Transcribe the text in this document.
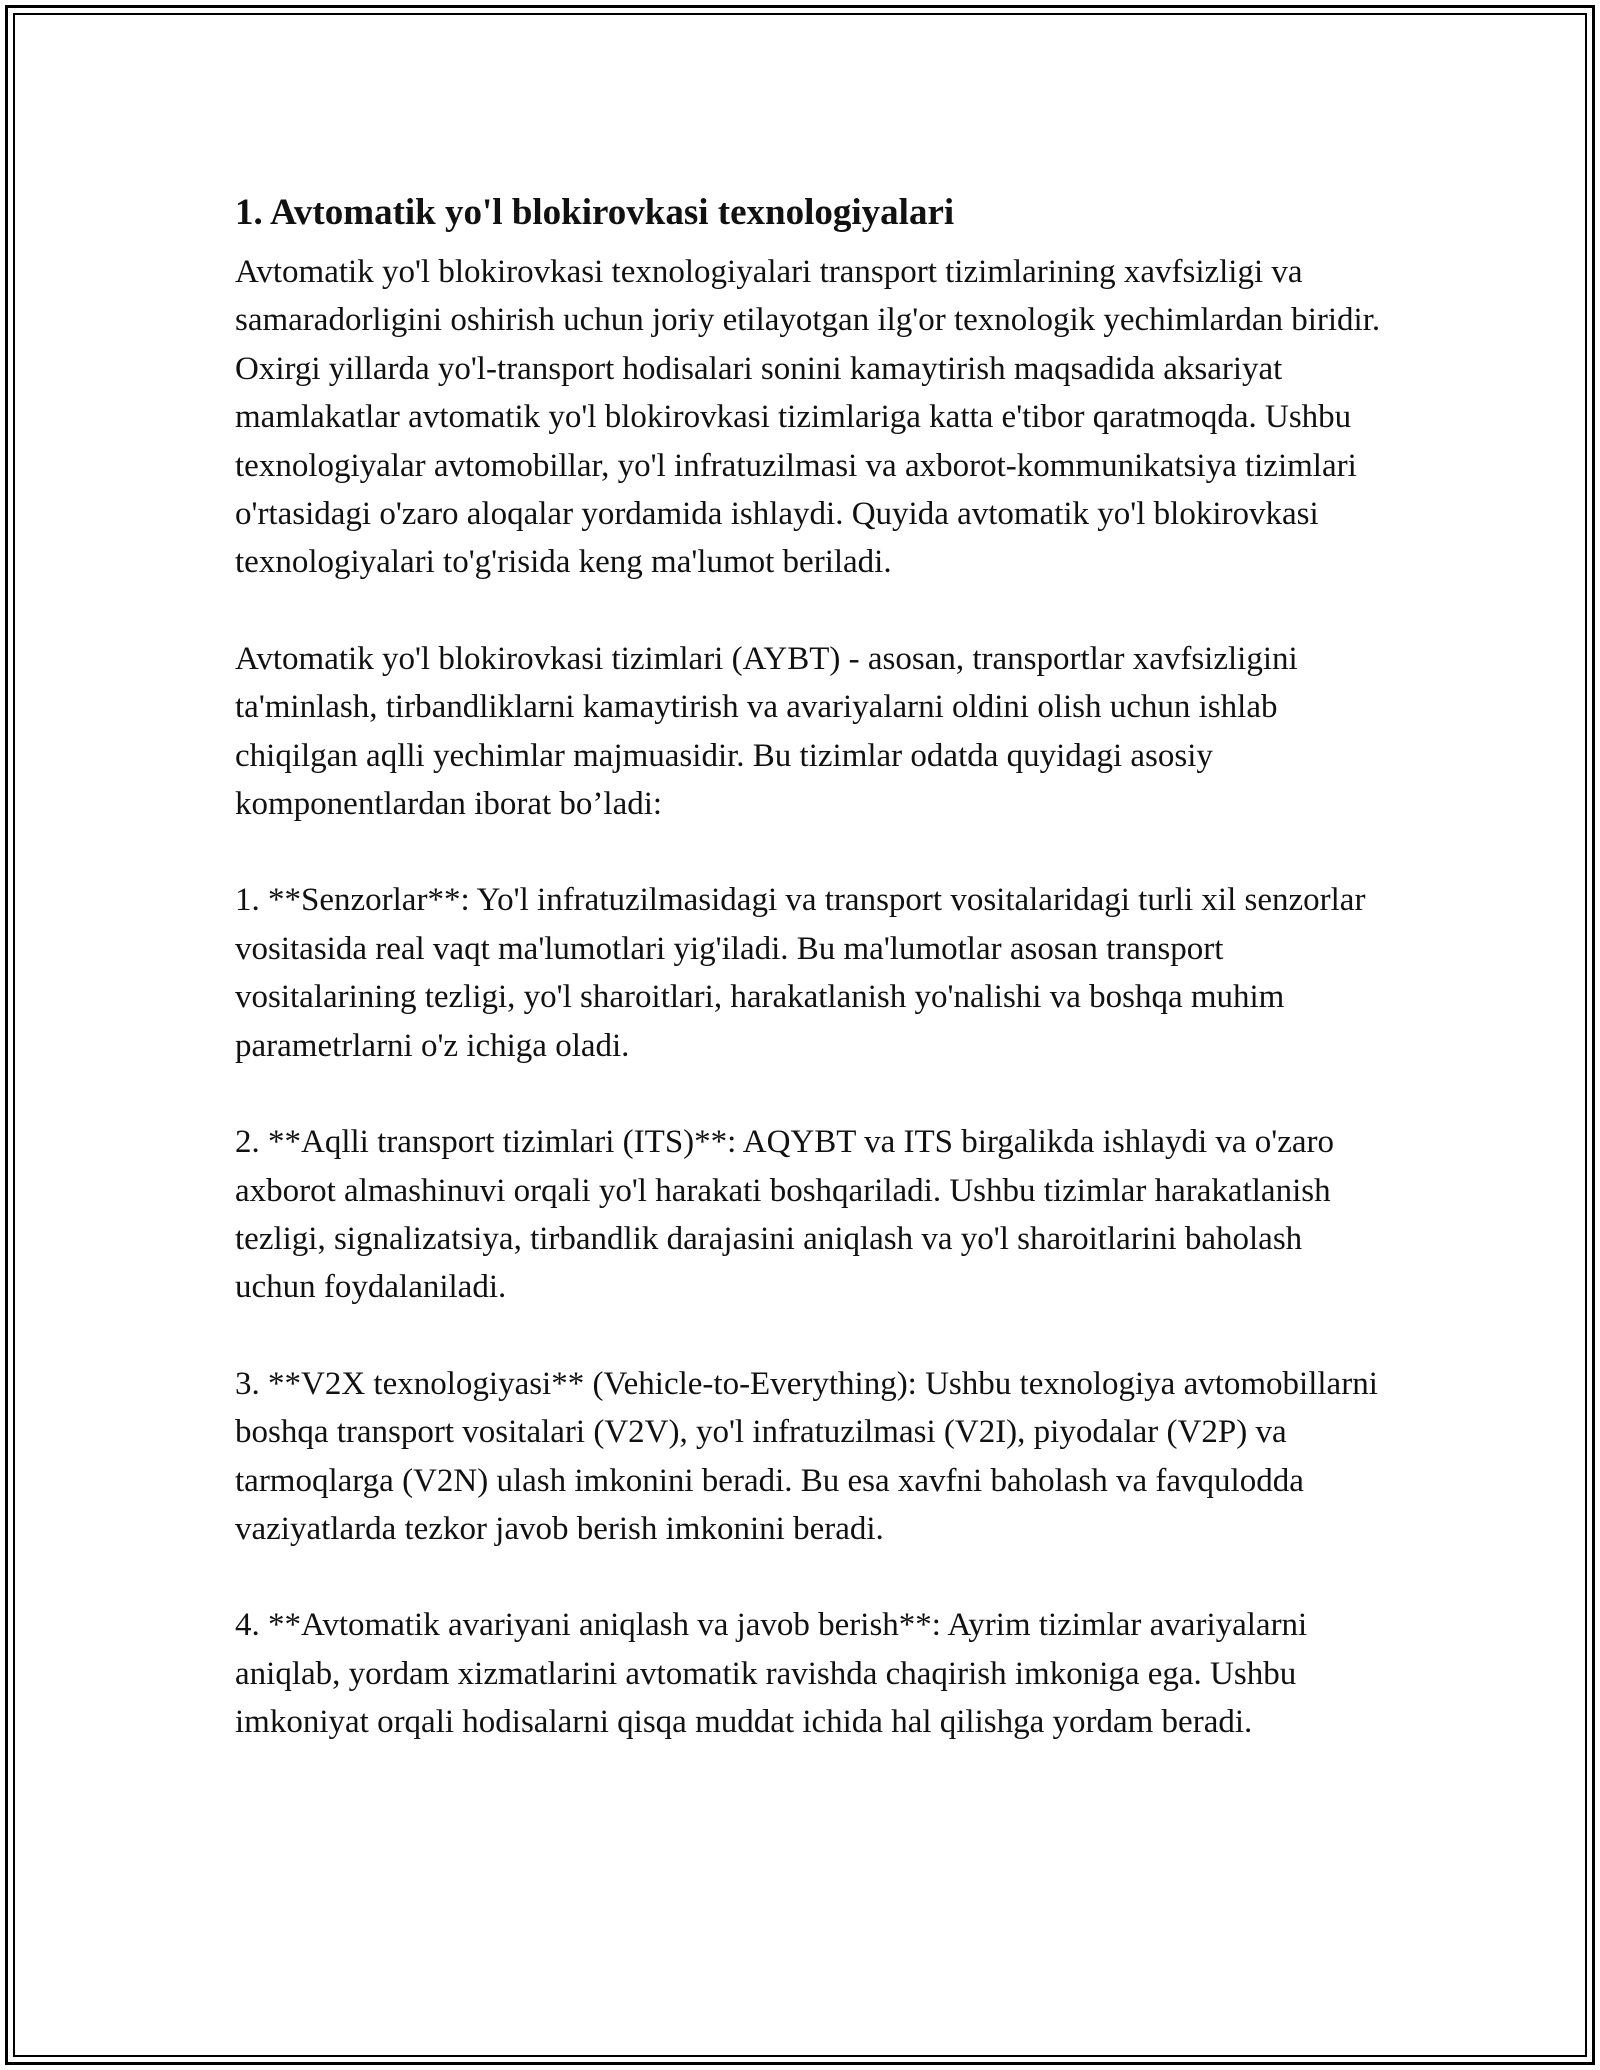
1. Avtomatik yo'l blokirovkasi texnologiyalari

Avtomatik yo'l blokirovkasi texnologiyalari transport tizimlarining xavfsizligi va samaradorligini oshirish uchun joriy etilayotgan ilg'or texnologik yechimlardan biridir. Oxirgi yillarda yo'l-transport hodisalari sonini kamaytirish maqsadida aksariyat mamlakatlar avtomatik yo'l blokirovkasi tizimlariga katta e'tibor qaratmoqda. Ushbu texnologiyalar avtomobillar, yo'l infratuzilmasi va axborot-kommunikatsiya tizimlari o'rtasidagi o'zaro aloqalar yordamida ishlaydi. Quyida avtomatik yo'l blokirovkasi texnologiyalari to'g'risida keng ma'lumot beriladi.

Avtomatik yo'l blokirovkasi tizimlari (AYBT) - asosan, transportlar xavfsizligini ta'minlash, tirbandliklarni kamaytirish va avariyalarni oldini olish uchun ishlab chiqilgan aqlli yechimlar majmuasidir. Bu tizimlar odatda quyidagi asosiy komponentlardan iborat bo’ladi:

1. **Senzorlar**: Yo'l infratuzilmasidagi va transport vositalaridagi turli xil senzorlar vositasida real vaqt ma'lumotlari yig'iladi. Bu ma'lumotlar asosan transport vositalarining tezligi, yo'l sharoitlari, harakatlanish yo'nalishi va boshqa muhim parametrlarni o'z ichiga oladi.

2. **Aqlli transport tizimlari (ITS)**: AQYBT va ITS birgalikda ishlaydi va o'zaro axborot almashinuvi orqali yo'l harakati boshqariladi. Ushbu tizimlar harakatlanish tezligi, signalizatsiya, tirbandlik darajasini aniqlash va yo'l sharoitlarini baholash uchun foydalaniladi.

3. **V2X texnologiyasi** (Vehicle-to-Everything): Ushbu texnologiya avtomobillarni boshqa transport vositalari (V2V), yo'l infratuzilmasi (V2I), piyodalar (V2P) va tarmoqlarga (V2N) ulash imkonini beradi. Bu esa xavfni baholash va favqulodda vaziyatlarda tezkor javob berish imkonini beradi.

4. **Avtomatik avariyani aniqlash va javob berish**: Ayrim tizimlar avariyalarni aniqlab, yordam xizmatlarini avtomatik ravishda chaqirish imkoniga ega. Ushbu imkoniyat orqali hodisalarni qisqa muddat ichida hal qilishga yordam beradi.
